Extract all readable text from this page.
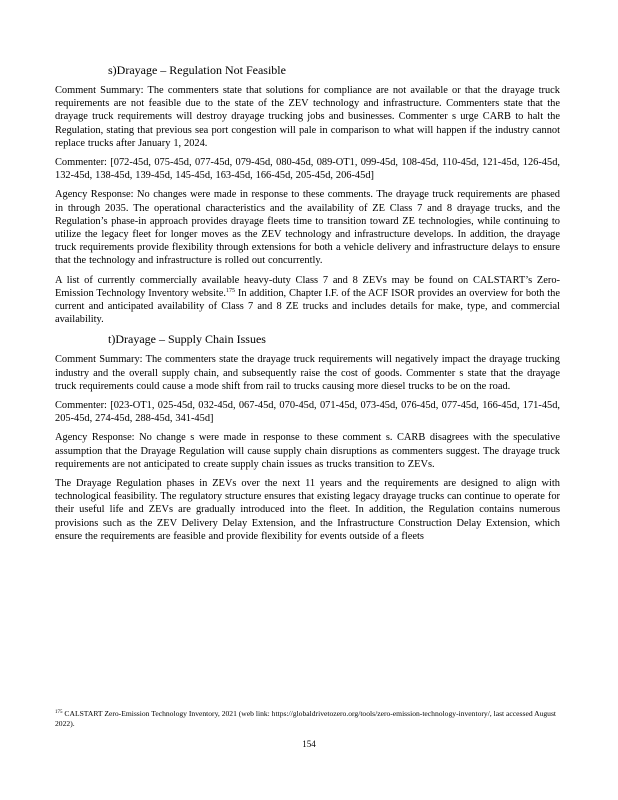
s)Drayage – Regulation Not Feasible

Comment Summary: The commenters state that solutions for compliance are not available or that the drayage truck requirements are not feasible due to the state of the ZEV technology and infrastructure. Commenters state that the drayage truck requirements will destroy drayage trucking jobs and businesses. Commenter s urge CARB to halt the Regulation, stating that previous sea port congestion will pale in comparison to what will happen if the industry cannot replace trucks after January 1, 2024.

Commenter: [072-45d, 075-45d, 077-45d, 079-45d, 080-45d, 089-OT1, 099-45d, 108-45d, 110-45d, 121-45d, 126-45d, 132-45d, 138-45d, 139-45d, 145-45d, 163-45d, 166-45d, 205-45d, 206-45d]

Agency Response: No changes were made in response to these comments. The drayage truck requirements are phased in through 2035. The operational characteristics and the availability of ZE Class 7 and 8 drayage trucks, and the Regulation’s phase-in approach provides drayage fleets time to transition toward ZE technologies, while continuing to utilize the legacy fleet for longer moves as the ZEV technology and infrastructure develops. In addition, the drayage truck requirements provide flexibility through extensions for both a vehicle delivery and infrastructure delays to ensure that the technology and infrastructure is rolled out concurrently.

A list of currently commercially available heavy-duty Class 7 and 8 ZEVs may be found on CALSTART’s Zero-Emission Technology Inventory website.$^{175}$ In addition, Chapter I.F. of the ACF ISOR provides an overview for both the current and anticipated availability of Class 7 and 8 ZE trucks and includes details for make, type, and commercial availability.

t)Drayage – Supply Chain Issues

Comment Summary: The commenters state the drayage truck requirements will negatively impact the drayage trucking industry and the overall supply chain, and subsequently raise the cost of goods. Commenter s state that the drayage truck requirements could cause a mode shift from rail to trucks causing more diesel trucks to be on the road.

Commenter: [023-OT1, 025-45d, 032-45d, 067-45d, 070-45d, 071-45d, 073-45d, 076-45d, 077-45d, 166-45d, 171-45d, 205-45d, 274-45d, 288-45d, 341-45d]

Agency Response: No change s were made in response to these comment s. CARB disagrees with the speculative assumption that the Drayage Regulation will cause supply chain disruptions as commenters suggest. The drayage truck requirements are not anticipated to create supply chain issues as trucks transition to ZEVs.

The Drayage Regulation phases in ZEVs over the next 11 years and the requirements are designed to align with technological feasibility. The regulatory structure ensures that existing legacy drayage trucks can continue to operate for their useful life and ZEVs are gradually introduced into the fleet. In addition, the Regulation contains numerous provisions such as the ZEV Delivery Delay Extension, and the Infrastructure Construction Delay Extension, which ensure the requirements are feasible and provide flexibility for events outside of a fleets

$^{175}$ CALSTART Zero-Emission Technology Inventory, 2021 (web link: https://globaldrivetozero.org/tools/zero-emission-technology-inventory/, last accessed August 2022).
154
